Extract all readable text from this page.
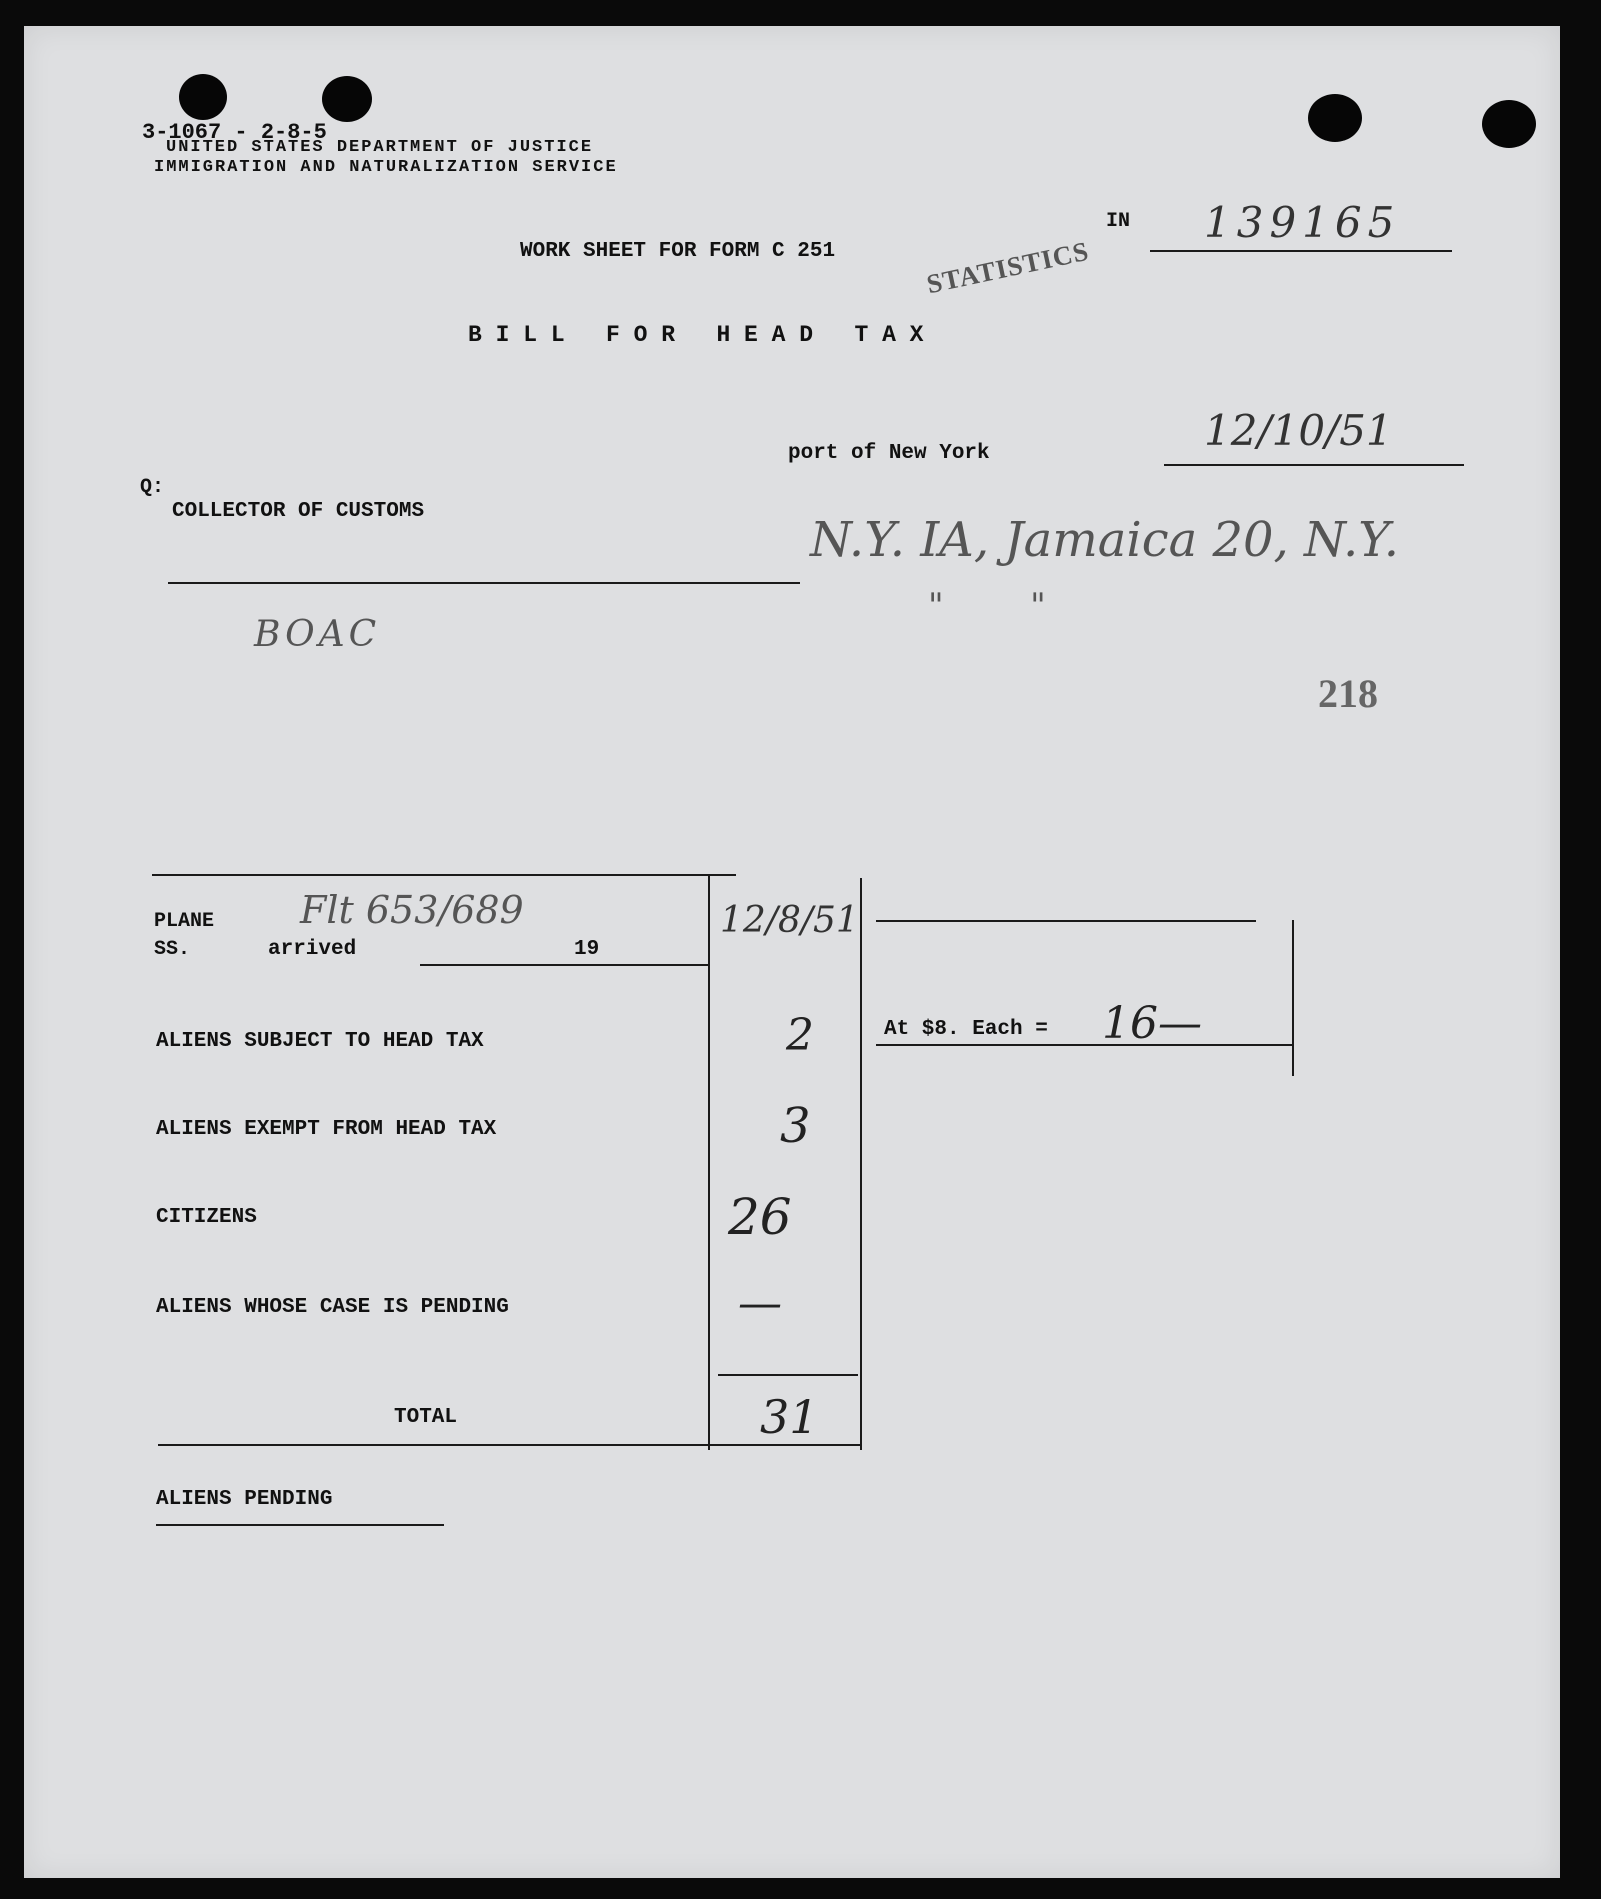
3-1067 - 2-8-5
UNITED STATES DEPARTMENT OF JUSTICE
IMMIGRATION AND NATURALIZATION SERVICE
WORK SHEET FOR FORM C 251	STATISTICS
IN 139165
B I L L   F O R   H E A D   T A X
port of New York	12/10/51
Q:
COLLECTOR OF CUSTOMS
N.Y. IA, Jamaica 20, N.Y.
"        "
BOAC
218
PLANE Flt 653/689
SS.	arrived	19
12/8/51
ALIENS SUBJECT TO HEAD TAX	2
ALIENS EXEMPT FROM HEAD TAX	3
CITIZENS	26
ALIENS WHOSE CASE IS PENDING	—
TOTAL	31
At $8. Each = 16—
ALIENS PENDING
